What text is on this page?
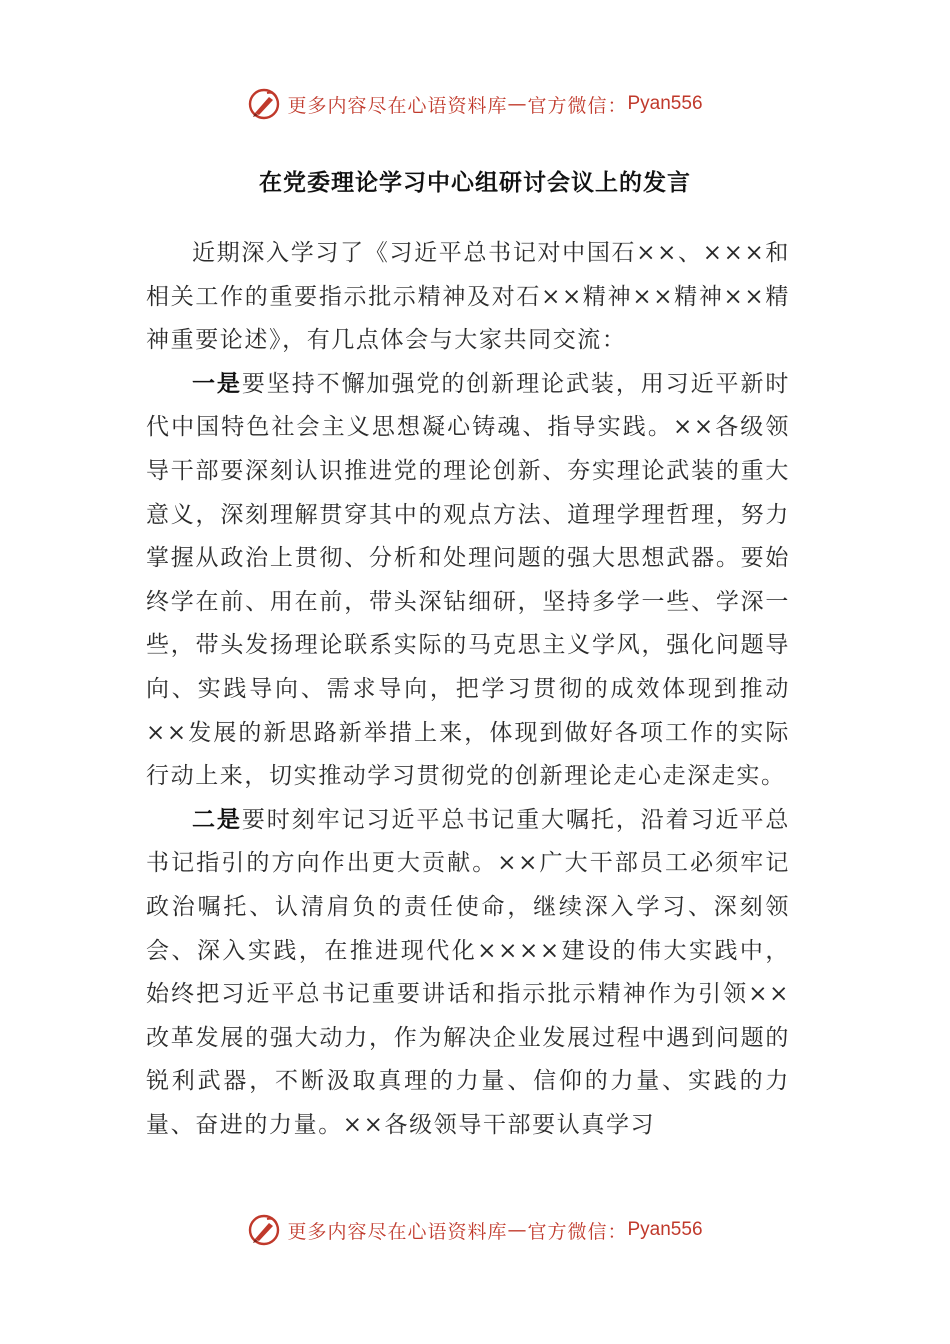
更多内容尽在心语资料库 — 官方微信： Pyan556
在党委理论学习中心组研讨会议上的发言

近期深入学习了《习近平总书记对中国石××、×××和相关工作的重要指示批示精神及对石××精神××精神××精神重要论述》，有几点体会与大家共同交流：

一是要坚持不懈加强党的创新理论武装，用习近平新时代中国特色社会主义思想凝心铸魂、指导实践。××各级领导干部要深刻认识推进党的理论创新、夯实理论武装的重大意义，深刻理解贯穿其中的观点方法、道理学理哲理，努力掌握从政治上贯彻、分析和处理问题的强大思想武器。要始终学在前、用在前，带头深钻细研，坚持多学一些、学深一些，带头发扬理论联系实际的马克思主义学风，强化问题导向、实践导向、需求导向，把学习贯彻的成效体现到推动××发展的新思路新举措上来，体现到做好各项工作的实际行动上来，切实推动学习贯彻党的创新理论走心走深走实。

二是要时刻牢记习近平总书记重大嘱托，沿着习近平总书记指引的方向作出更大贡献。××广大干部员工必须牢记政治嘱托、认清肩负的责任使命，继续深入学习、深刻领会、深入实践，在推进现代化××××建设的伟大实践中，始终把习近平总书记重要讲话和指示批示精神作为引领××改革发展的强大动力，作为解决企业发展过程中遇到问题的锐利武器，不断汲取真理的力量、信仰的力量、实践的力量、奋进的力量。××各级领导干部要认真学习

更多内容尽在心语资料库 — 官方微信： Pyan556
